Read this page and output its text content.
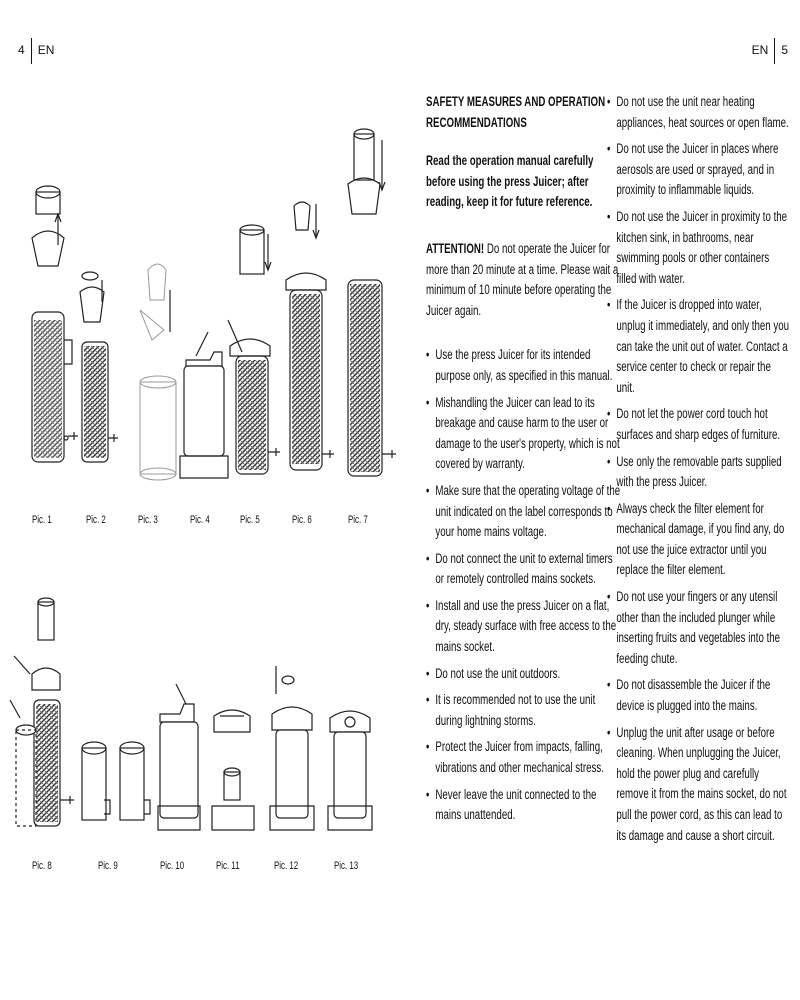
4 EN	EN 5
Pic. 1	Pic. 2	Pic. 3	Pic. 4	Pic. 5	Pic. 6	Pic. 7
Pic. 8	Pic. 9	Pic. 10	Pic. 11	Pic. 12	Pic. 13
SAFETY MEASURES AND OPERATION RECOMMENDATIONS
Read the operation manual carefully before using the press Juicer; after reading, keep it for future reference.
ATTENTION! Do not operate the Juicer for more than 20 minute at a time. Please wait a minimum of 10 minute before operating the Juicer again.
• Use the press Juicer for its intended purpose only, as specified in this manual.
• Mishandling the Juicer can lead to its breakage and cause harm to the user or damage to the user's property, which is not covered by warranty.
• Make sure that the operating voltage of the unit indicated on the label corresponds to your home mains voltage.
• Do not connect the unit to external timers or remotely controlled mains sockets.
• Install and use the press Juicer on a flat, dry, steady surface with free access to the mains socket.
• Do not use the unit outdoors.
• It is recommended not to use the unit during lightning storms.
• Protect the Juicer from impacts, falling, vibrations and other mechanical stress.
• Never leave the unit connected to the mains unattended.
• Do not use the unit near heating appliances, heat sources or open flame.
• Do not use the Juicer in places where aerosols are used or sprayed, and in proximity to inflammable liquids.
• Do not use the Juicer in proximity to the kitchen sink, in bathrooms, near swimming pools or other containers filled with water.
• If the Juicer is dropped into water, unplug it immediately, and only then you can take the unit out of water. Contact a service center to check or repair the unit.
• Do not let the power cord touch hot surfaces and sharp edges of furniture.
• Use only the removable parts supplied with the press Juicer.
• Always check the filter element for mechanical damage, if you find any, do not use the juice extractor until you replace the filter element.
• Do not use your fingers or any utensil other than the included plunger while inserting fruits and vegetables into the feeding chute.
• Do not disassemble the Juicer if the device is plugged into the mains.
• Unplug the unit after usage or before cleaning. When unplugging the Juicer, hold the power plug and carefully remove it from the mains socket, do not pull the power cord, as this can lead to its damage and cause a short circuit.
